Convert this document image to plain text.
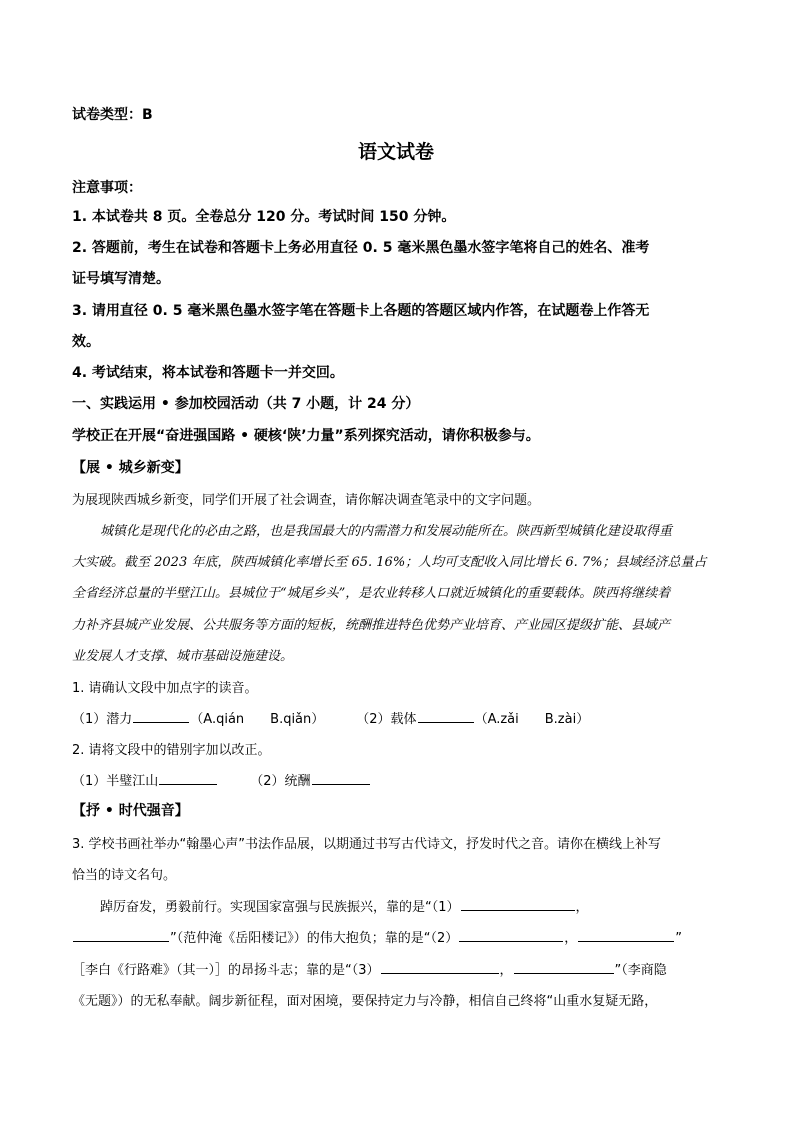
试卷类型：B
语文试卷
注意事项：
1. 本试卷共 8 页。全卷总分 120 分。考试时间 150 分钟。
2. 答题前，考生在试卷和答题卡上务必用直径 0. 5 毫米黑色墨水签字笔将自己的姓名、准考
证号填写清楚。
3. 请用直径 0. 5 毫米黑色墨水签字笔在答题卡上各题的答题区域内作答，在试题卷上作答无
效。
4. 考试结束，将本试卷和答题卡一并交回。
一、实践运用 • 参加校园活动（共 7 小题，计 24 分）
学校正在开展“奋进强国路 • 硬核‘陕’力量”系列探究活动，请你积极参与。
【展 • 城乡新变】
为展现陕西城乡新变，同学们开展了社会调查，请你解决调查笔录中的文字问题。
城镇化是现代化的必由之路，也是我国最大的内需潜力和发展动能所在。陕西新型城镇化建设取得重
大实破。截至 2023 年底，陕西城镇化率增长至 65. 16%；人均可支配收入同比增长 6. 7%；县域经济总量占
全省经济总量的半壁江山。县城位于“城尾乡头”，是农业转移人口就近城镇化的重要载体。陕西将继续着
力补齐县城产业发展、公共服务等方面的短板，统酬推进特色优势产业培育、产业园区提级扩能、县域产
业发展人才支撑、城市基础设施建设。
1. 请确认文段中加点字的读音。
（1）潜力	（A.qián　　B.qiǎn） （2）载体	（A.zǎi　　B.zài）
2. 请将文段中的错别字加以改正。
（1）半璧江山	（2）统酬
【抒 • 时代强音】
3. 学校书画社举办“翰墨心声”书法作品展，以期通过书写古代诗文，抒发时代之音。请你在横线上补写
恰当的诗文名句。
踔厉奋发，勇毅前行。实现国家富强与民族振兴，靠的是“（1）	，
”（范仲淹《岳阳楼记》）的伟大抱负；靠的是“（2）	，	”
［李白《行路难》（其一）］的昂扬斗志；靠的是“（3）	，	”（李商隐
《无题》）的无私奉献。阔步新征程，面对困境，要保持定力与冷静，相信自己终将“山重水复疑无路，
